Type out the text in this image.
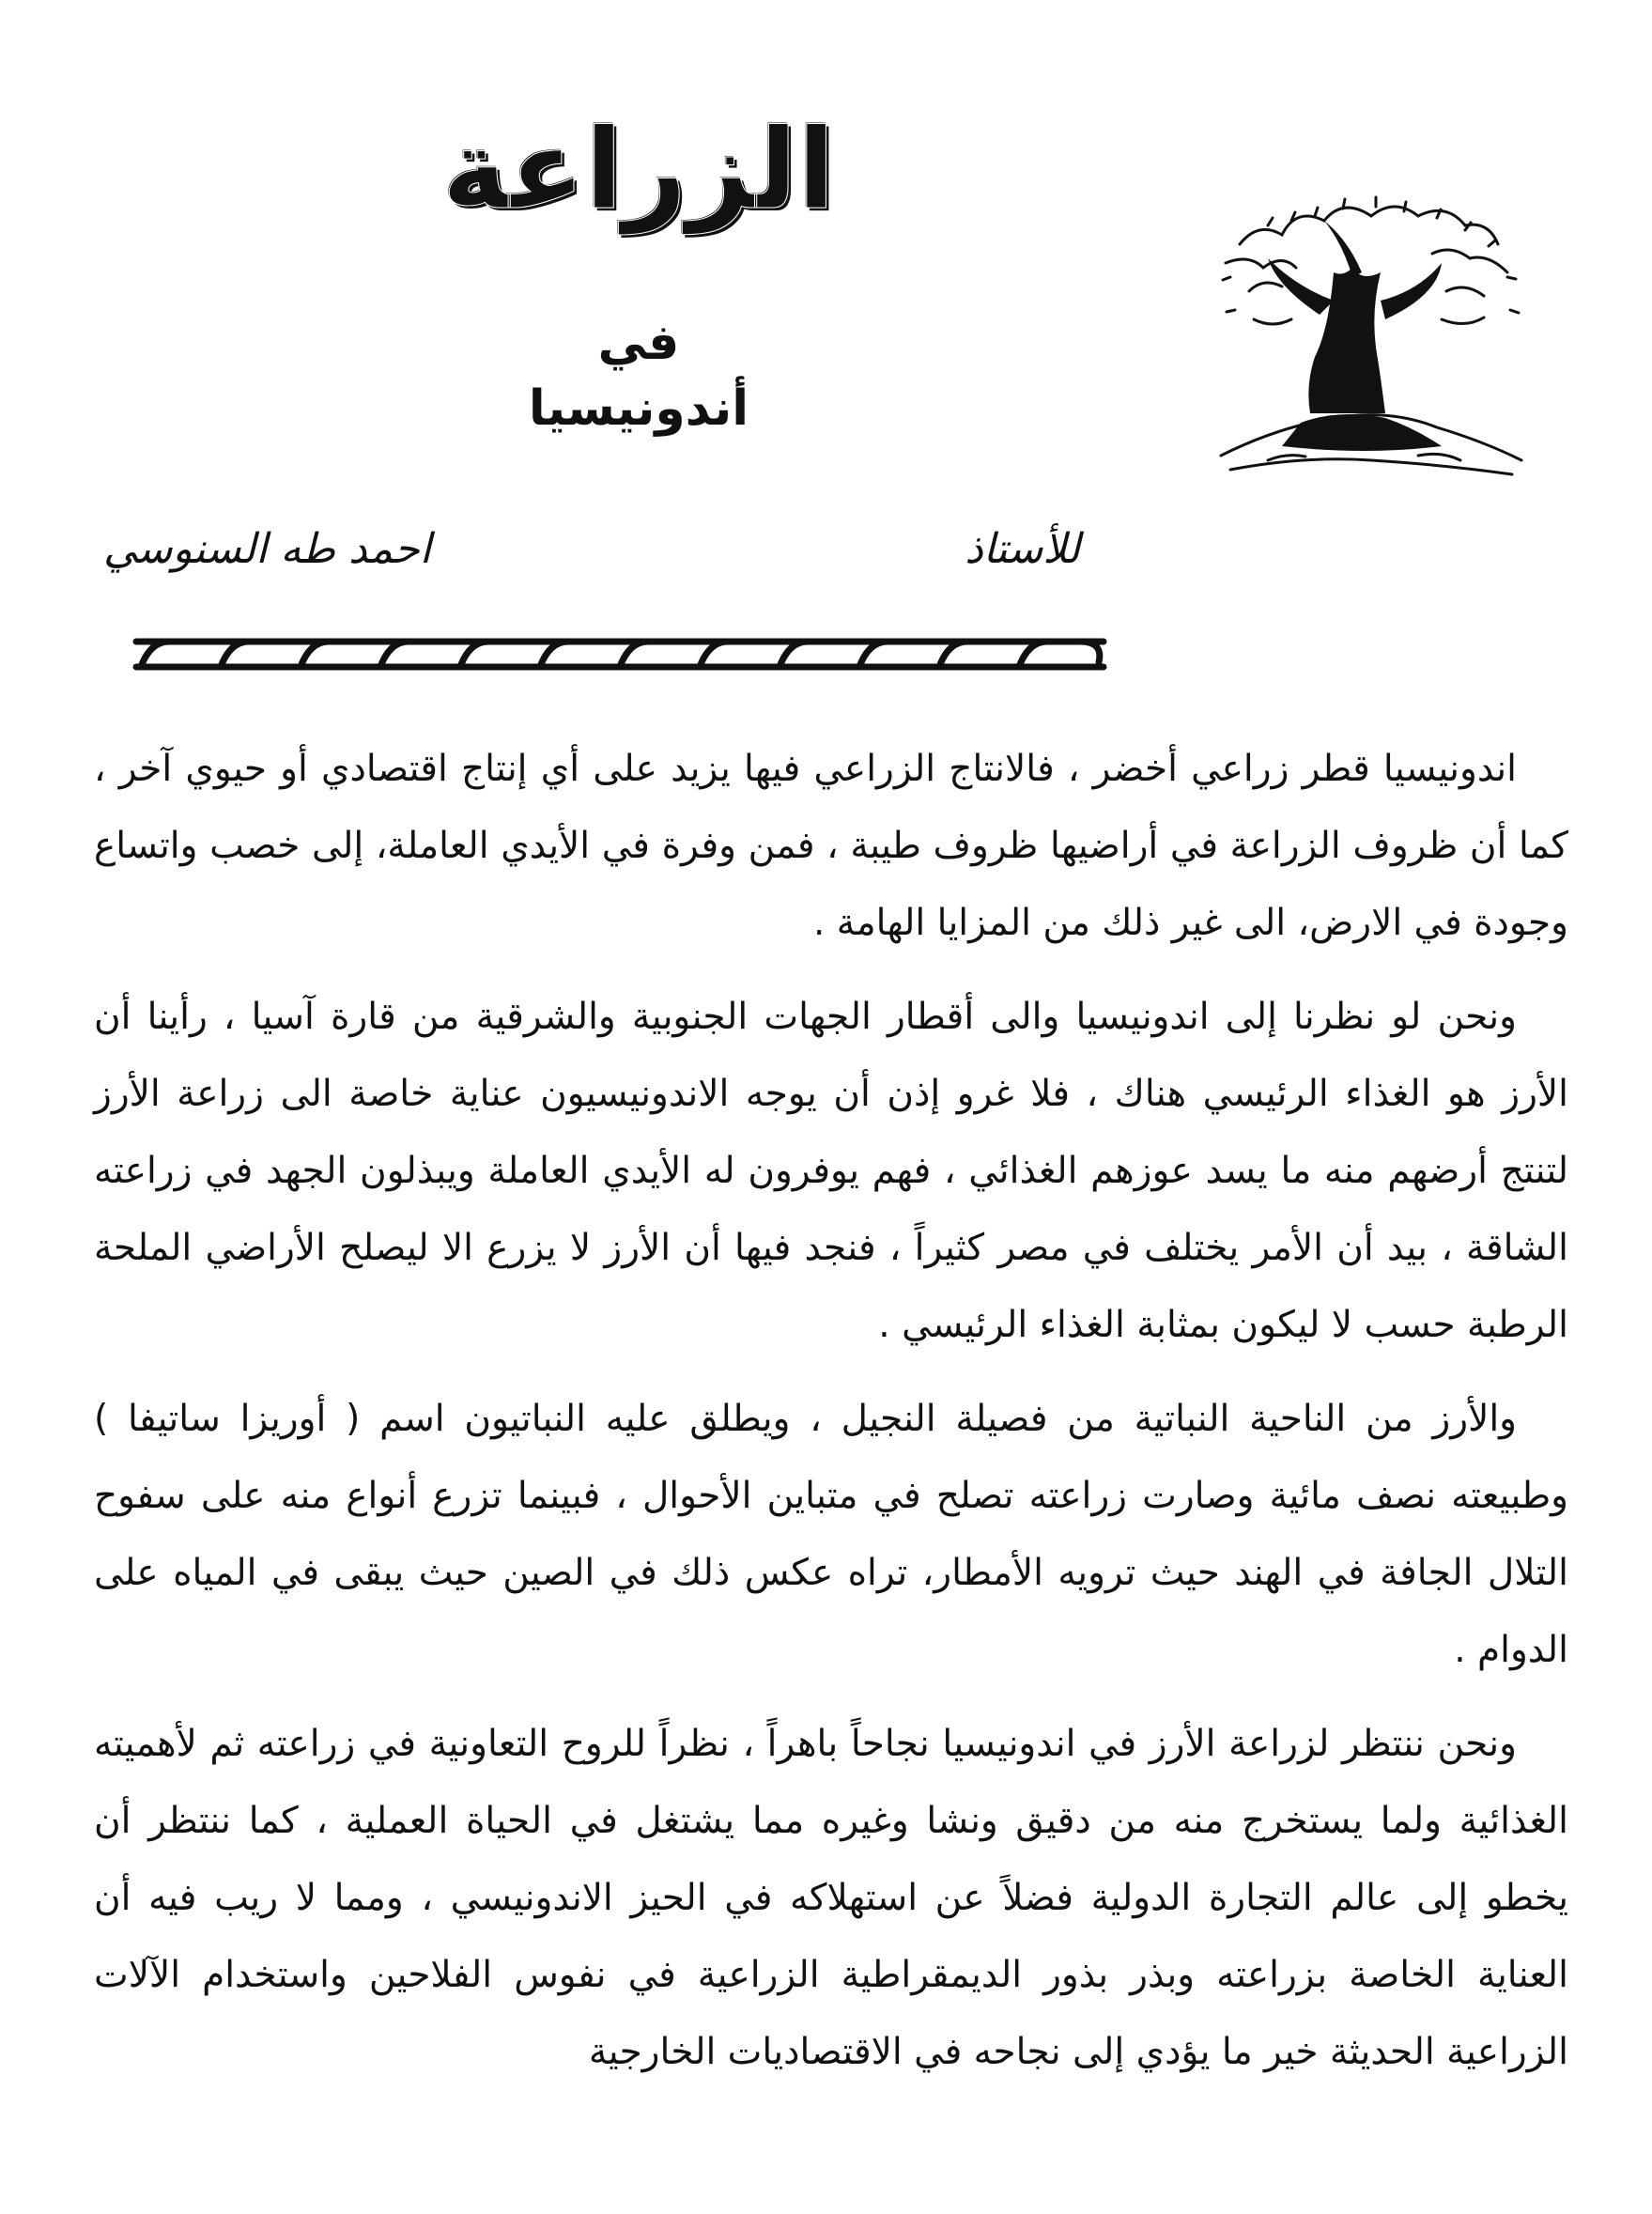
الزراعة
في أندونيسيا
للأستاذ
احمد طه السنوسي

اندونيسيا قطر زراعي أخضر ، فالانتاج الزراعي فيها يزيد على أي إنتاج اقتصادي أو حيوي آخر ، كما أن ظروف الزراعة في أراضيها ظروف طيبة ، فمن وفرة في الأيدي العاملة، إلى خصب واتساع وجودة في الارض، الى غير ذلك من المزايا الهامة .

ونحن لو نظرنا إلى اندونيسيا والى أقطار الجهات الجنوبية والشرقية من قارة آسيا ، رأينا أن الأرز هو الغذاء الرئيسي هناك ، فلا غرو إذن أن يوجه الاندونيسيون عناية خاصة الى زراعة الأرز لتنتج أرضهم منه ما يسد عوزهم الغذائي ، فهم يوفرون له الأيدي العاملة ويبذلون الجهد في زراعته الشاقة ، بيد أن الأمر يختلف في مصر كثيراً ، فنجد فيها أن الأرز لا يزرع الا ليصلح الأراضي الملحة الرطبة حسب لا ليكون بمثابة الغذاء الرئيسي .

والأرز من الناحية النباتية من فصيلة النجيل ، ويطلق عليه النباتيون اسم ( أوريزا ساتيفا ) وطبيعته نصف مائية وصارت زراعته تصلح في متباين الأحوال ، فبينما تزرع أنواع منه على سفوح التلال الجافة في الهند حيث ترويه الأمطار، تراه عكس ذلك في الصين حيث يبقى في المياه على الدوام .

ونحن ننتظر لزراعة الأرز في اندونيسيا نجاحاً باهراً ، نظراً للروح التعاونية في زراعته ثم لأهميته الغذائية ولما يستخرج منه من دقيق ونشا وغيره مما يشتغل في الحياة العملية ، كما ننتظر أن يخطو إلى عالم التجارة الدولية فضلاً عن استهلاكه في الحيز الاندونيسي ، ومما لا ريب فيه أن العناية الخاصة بزراعته وبذر بذور الديمقراطية الزراعية في نفوس الفلاحين واستخدام الآلات الزراعية الحديثة خير ما يؤدي إلى نجاحه في الاقتصاديات الخارجية
